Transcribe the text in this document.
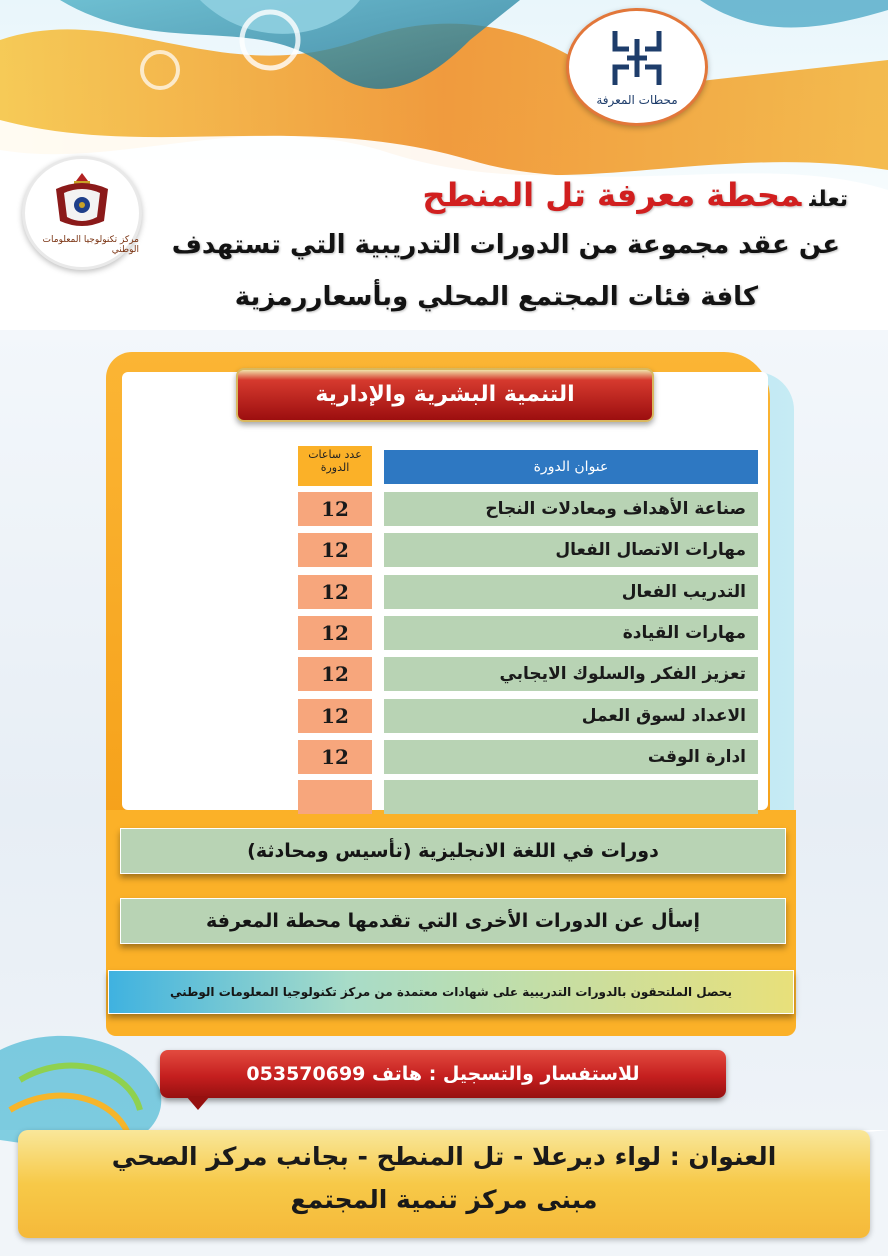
محطات المعرفة
مركز تكنولوجيا المعلومات الوطني
تعلنمحطة معرفة تل المنطح
عن عقد مجموعة من الدورات التدريبية التي تستهدف
كافة فئات المجتمع المحلي وبأسعاررمزية
التنمية البشرية والإدارية
عدد ساعات الدورة	عنوان الدورة
صناعة الأهداف ومعادلات النجاح
12
مهارات الاتصال الفعال
12
التدريب الفعال
12
مهارات القيادة
12
تعزيز الفكر والسلوك الايجابي
12
الاعداد لسوق العمل
12
ادارة الوقت
12
دورات في اللغة الانجليزية (تأسيس ومحادثة)
إسأل عن الدورات الأخرى التي تقدمها محطة المعرفة
يحصل الملتحقون بالدورات التدريبية على شهادات معتمدة من مركز تكنولوجيا المعلومات الوطني
للاستفسار والتسجيل : هاتف 053570699
العنوان : لواء ديرعلا - تل المنطح - بجانب مركز الصحي
مبنى مركز تنمية المجتمع
